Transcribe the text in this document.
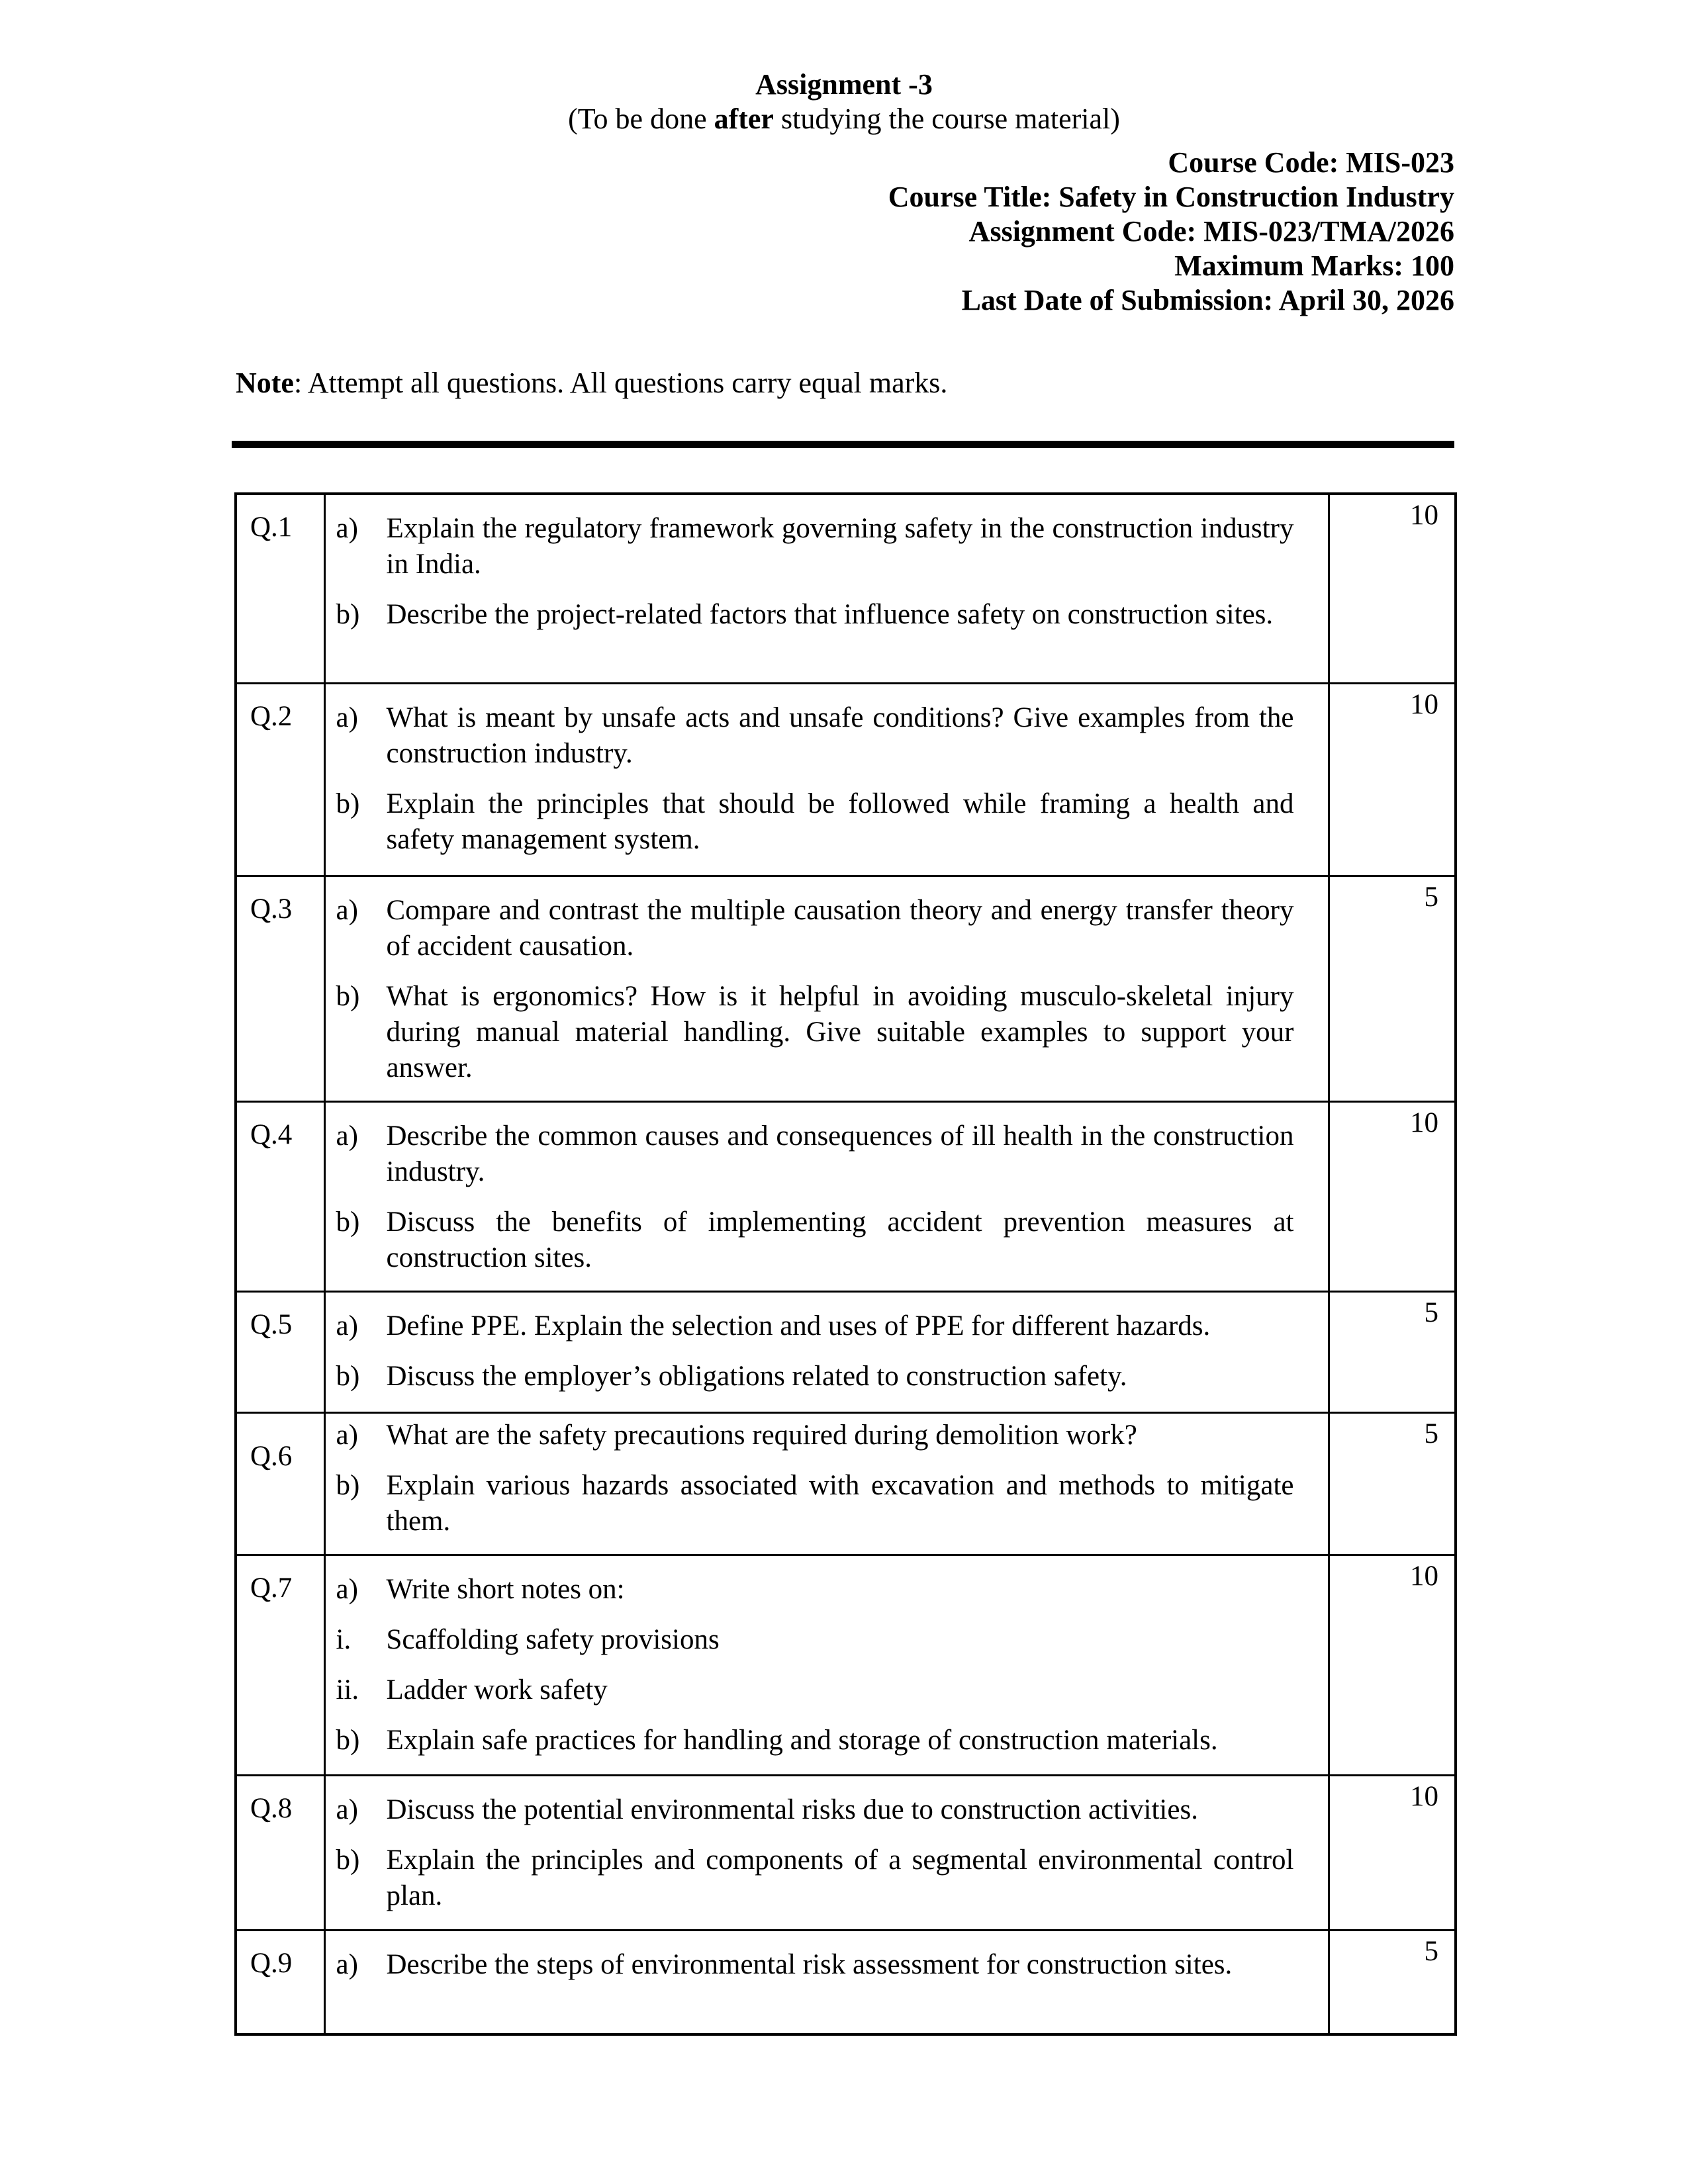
Assignment -3
(To be done after studying the course material)
Course Code: MIS-023
Course Title: Safety in Construction Industry
Assignment Code: MIS-023/TMA/2026
Maximum Marks: 100
Last Date of Submission: April 30, 2026
Note: Attempt all questions. All questions carry equal marks.
Q.1	a) Explain the regulatory framework governing safety in the construction industry in India.

b) Describe the project-related factors that influence safety on construction sites.	10
Q.2	a) What is meant by unsafe acts and unsafe conditions? Give examples from the construction industry.

b) Explain the principles that should be followed while framing a health and safety management system.	10
Q.3	a) Compare and contrast the multiple causation theory and energy transfer theory of accident causation.

b) What is ergonomics? How is it helpful in avoiding musculo-skeletal injury during manual material handling. Give suitable examples to support your answer.	5
Q.4	a) Describe the common causes and consequences of ill health in the construction industry.

b) Discuss the benefits of implementing accident prevention measures at construction sites.	10
Q.5	a) Define PPE. Explain the selection and uses of PPE for different hazards.

b) Discuss the employer’s obligations related to construction safety.	5
Q.6	a) What are the safety precautions required during demolition work?

b) Explain various hazards associated with excavation and methods to mitigate them.	5
Q.7	a) Write short notes on:

i. Scaffolding safety provisions

ii. Ladder work safety

b) Explain safe practices for handling and storage of construction materials.	10
Q.8	a) Discuss the potential environmental risks due to construction activities.

b) Explain the principles and components of a segmental environmental control plan.	10
Q.9	a) Describe the steps of environmental risk assessment for construction sites.	5
